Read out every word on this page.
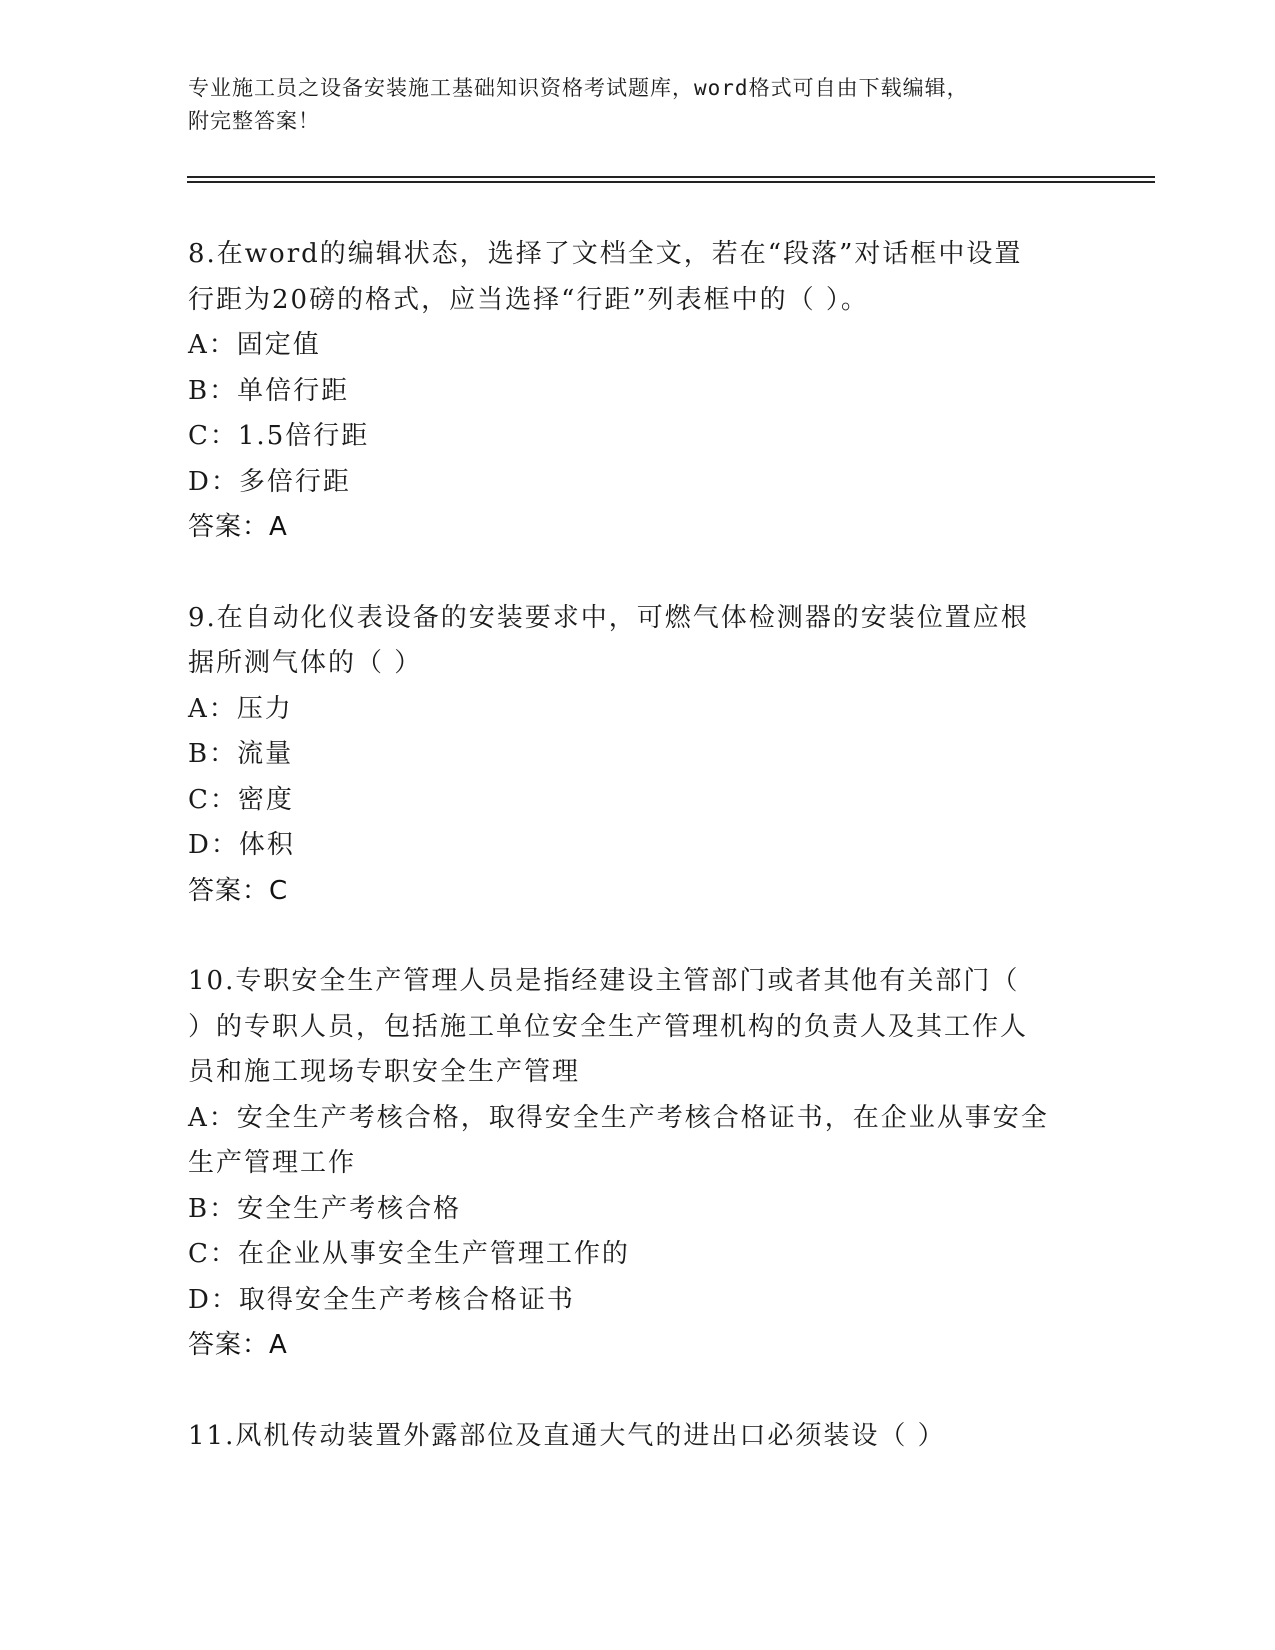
专业施工员之设备安装施工基础知识资格考试题库，word格式可自由下载编辑，
附完整答案！
8.在word的编辑状态，选择了文档全文，若在“段落”对话框中设置
行距为20磅的格式，应当选择“行距”列表框中的（ ）。
A：固定值
B：单倍行距
C：1.5倍行距
D：多倍行距
答案：A
9.在自动化仪表设备的安装要求中，可燃气体检测器的安装位置应根
据所测气体的（ ）
A：压力
B：流量
C：密度
D：体积
答案：C
10.专职安全生产管理人员是指经建设主管部门或者其他有关部门（
）的专职人员，包括施工单位安全生产管理机构的负责人及其工作人
员和施工现场专职安全生产管理
A：安全生产考核合格，取得安全生产考核合格证书，在企业从事安全
生产管理工作
B：安全生产考核合格
C：在企业从事安全生产管理工作的
D：取得安全生产考核合格证书
答案：A
11.风机传动装置外露部位及直通大气的进出口必须装设（ ）
